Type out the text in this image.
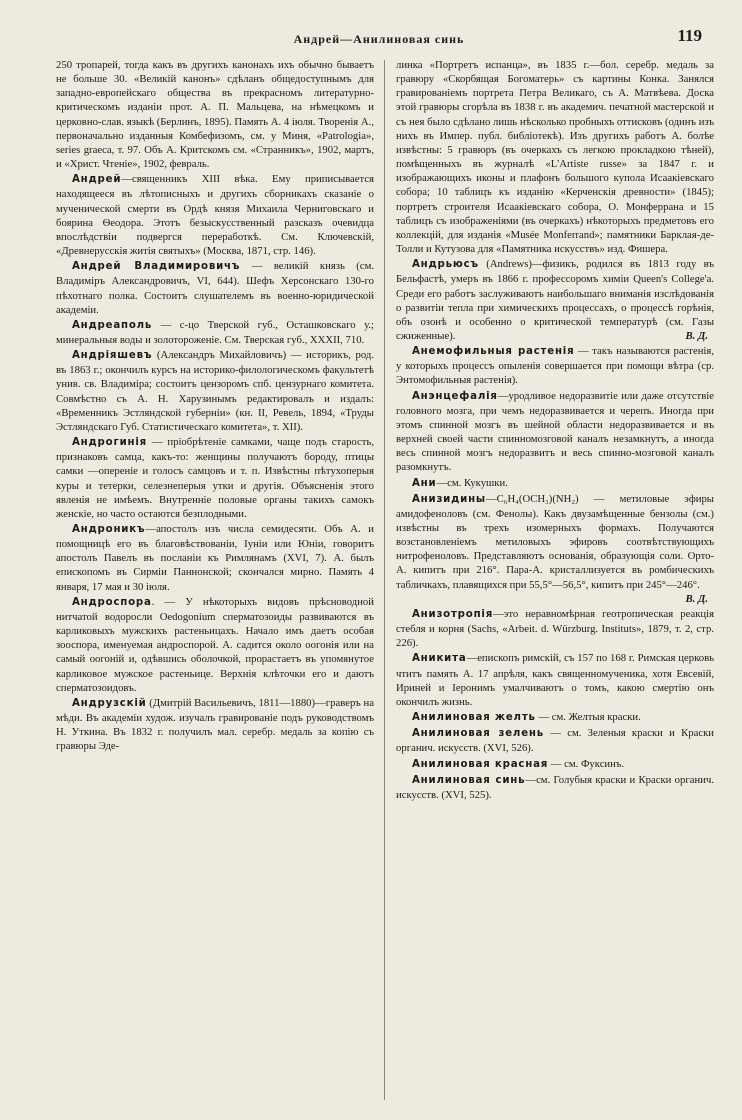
Андрей—Анилиновая синь	119

250 тропарей, тогда какъ въ другихъ канонахъ ихъ обычно бываетъ не больше 30. «Великій канонъ» сдѣланъ общедоступнымъ для западно-европейскаго общества въ прекрасномъ литературно-критическомъ изданіи прот. А. П. Мальцева, на нѣмецкомъ и церковно-слав. языкѣ (Берлинъ, 1895). Память А. 4 іюля. Творенія А., первоначально изданныя Комбефизомъ, см. у Миня, «Patrologia», series graeca, т. 97. Объ А. Критскомъ см. «Странникъ», 1902, мартъ, и «Христ. Чтеніе», 1902, февраль.

Андрей—священникъ XIII вѣка. Ему приписывается находящееся въ лѣтописныхъ и другихъ сборникахъ сказаніе о мученической смерти въ Ордѣ князя Михаила Черниговскаго и боярина Ѳеодора. Этотъ безыскусственный разсказъ очевидца впослѣдствіи подвергся переработкѣ. См. Ключевскій, «Древнерусскія житія святыхъ» (Москва, 1871, стр. 146).

Андрей Владимировичъ — великій князь (см. Владиміръ Александровичъ, VI, 644). Шефъ Херсонскаго 130-го пѣхотнаго полка. Состоитъ слушателемъ въ военно-юридической академіи.

Андреаполь — с-цо Тверской губ., Осташковскаго у.; минеральныя воды и золотороженіе. См. Тверская губ., XXXII, 710.

Андріяшевъ (Александръ Михайловичъ) — историкъ, род. въ 1863 г.; окончилъ курсъ на историко-филологическомъ факультетѣ унив. св. Владиміра; состоитъ цензоромъ спб. цензурнаго комитета. Совмѣстно съ А. Н. Харузинымъ редактировалъ и издалъ: «Временникъ Эстляндской губерніи» (кн. II, Ревель, 1894, «Труды Эстляндскаго Губ. Статистическаго комитета», т. XII).

Андрогинія — пріобрѣтеніе самками, чаще подъ старость, признаковъ самца, какъ-то: женщины получаютъ бороду, птицы самки —опереніе и голосъ самцовъ и т. п. Извѣстны пѣтухоперыя куры и тетерки, селезнеперыя утки и другія. Объясненія этого явленія не имѣемъ. Внутренніе половые органы такихъ самокъ женскіе, но часто остаются безплодными.

Андроникъ—апостолъ изъ числа семидесяти. Объ А. и помощницѣ его въ благовѣствованіи, Іуніи или Юніи, говоритъ апостолъ Павелъ въ посланіи къ Римлянамъ (XVI, 7). А. былъ епископомъ въ Сирміи Паннонской; скончался мирно. Память 4 января, 17 мая и 30 іюля.

Андроспора. — У нѣкоторыхъ видовъ прѣсноводной нитчатой водоросли Oedogonium сперматозоиды развиваются въ карликовыхъ мужскихъ растеньицахъ. Начало имъ даетъ особая зооспора, именуемая андроспорой. А. садится около оогонія или на самый оогоній и, одѣвшись оболочкой, прорастаетъ въ упомянутое карликовое мужское растеньице. Верхнія клѣточки его и даютъ сперматозоидовъ.

Андрузскій (Дмитрій Васильевичъ, 1811—1880)—граверъ на мѣди. Въ академіи худож. изучалъ гравированіе подъ руководствомъ Н. Уткина. Въ 1832 г. получилъ мал. серебр. медаль за копію съ гравюры Эде-

линка «Портретъ испанца», въ 1835 г.—бол. серебр. медаль за гравюру «Скорбящая Богоматерь» съ картины Конка. Занялся гравированіемъ портрета Петра Великаго, съ А. Матвѣева. Доска этой гравюры сгорѣла въ 1838 г. въ академич. печатной мастерской и съ нея было сдѣлано лишь нѣсколько пробныхъ оттисковъ (одинъ изъ нихъ въ Импер. публ. библіотекѣ). Изъ другихъ работъ А. болѣе извѣстны: 5 гравюръ (въ очеркахъ съ легкою прокладкою тѣней), помѣщенныхъ въ журналѣ «L'Artiste russe» за 1847 г. и изображающихъ иконы и плафонъ большого купола Исаакіевскаго собора; 10 таблицъ къ изданію «Керченскія древности» (1845); портретъ строителя Исаакіевскаго собора, О. Монферрана и 15 таблицъ съ изображеніями (въ очеркахъ) нѣкоторыхъ предметовъ его коллекцій, для изданія «Musée Monferrand»; памятники Барклая-де-Толли и Кутузова для «Памятника искусствъ» изд. Фишера.

Андрьюсъ (Andrews)—физикъ, родился въ 1813 году въ Бельфастѣ, умеръ въ 1866 г. профессоромъ химіи Queen's College'а. Среди его работъ заслуживаютъ наибольшаго вниманія изслѣдованія о развитіи тепла при химическихъ процессахъ, о процессѣ горѣнія, объ озонѣ и особенно о критической температурѣ (см. Газы сжиженные).	В. Д.

Анемофильныя растенія — такъ называются растенія, у которыхъ процессъ опыленія совершается при помощи вѣтра (ср. Энтомофильныя растенія).

Анэнцефалія—уродливое недоразвитіе или даже отсутствіе головного мозга, при чемъ недоразвивается и черепъ. Иногда при этомъ спинной мозгъ въ шейной области недоразвивается и въ верхней своей части спинномозговой каналъ незамкнутъ, а иногда весь спинной мозгъ недоразвитъ и весь спинно-мозговой каналъ разомкнутъ.

Ани—см. Кукушки.

Анизидины—C₆H₄(OCH₃)(NH₂) — метиловые эфиры амидофеноловъ (см. Фенолы). Какъ двузамѣщенные бензолы (см.) извѣстны въ трехъ изомерныхъ формахъ. Получаются возстановленіемъ метиловыхъ эфировъ соотвѣтствующихъ нитрофеноловъ. Представляютъ основанія, образующія соли. Орто-А. кипитъ при 216°. Пара-А. кристаллизуется въ ромбическихъ табличкахъ, плавящихся при 55,5°—56,5°, кипитъ при 245°—246°.
В. Д.

Анизотропія—это неравномѣрная геотропическая реакція стебля и корня (Sachs, «Arbeit. d. Würzburg. Instituts», 1879, т. 2, стр. 226).

Аникита—епископъ римскій, съ 157 по 168 г. Римская церковь чтитъ память А. 17 апрѣля, какъ священномученика, хотя Евсевій, Ириней и Іеронимъ умалчиваютъ о томъ, какою смертію онъ окончилъ жизнь.

Анилиновая желть — см. Желтыя краски.

Анилиновая зелень — см. Зеленыя краски и Краски органич. искусств. (XVI, 526).

Анилиновая красная — см. Фуксинъ.

Анилиновая синь—см. Голубыя краски и Краски органич. искусств. (XVI, 525).
